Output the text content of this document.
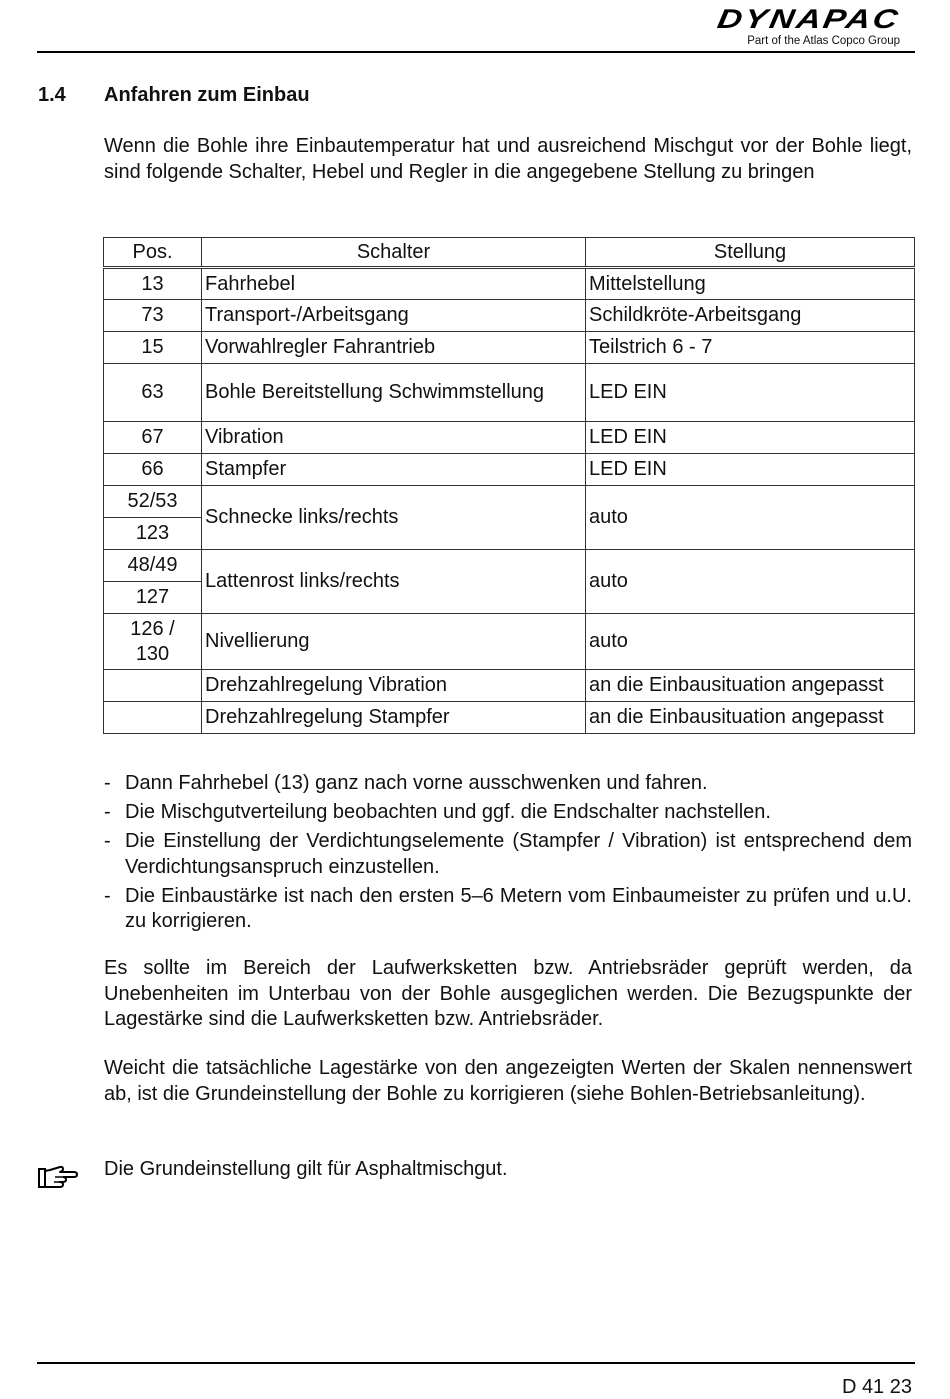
DYNAPAC
Part of the Atlas Copco Group
1.4 Anfahren zum Einbau
Wenn die Bohle ihre Einbautemperatur hat und ausreichend Mischgut vor der Bohle liegt, sind folgende Schalter, Hebel und Regler in die angegebene Stellung zu bringen
Pos.	Schalter	Stellung
13	Fahrhebel	Mittelstellung
73	Transport-/Arbeitsgang	Schildkröte-Arbeitsgang
15	Vorwahlregler Fahrantrieb	Teilstrich 6 - 7
63	Bohle Bereitstellung Schwimmstellung	LED EIN
67	Vibration	LED EIN
66	Stampfer	LED EIN
52/53	Schnecke links/rechts	auto
123		
48/49	Lattenrost links/rechts	auto
127		
126 / 130	Nivellierung	auto
	Drehzahlregelung Vibration	an die Einbausituation angepasst
	Drehzahlregelung Stampfer	an die Einbausituation angepasst
- Dann Fahrhebel (13) ganz nach vorne ausschwenken und fahren.
- Die Mischgutverteilung beobachten und ggf. die Endschalter nachstellen.
- Die Einstellung der Verdichtungselemente (Stampfer / Vibration) ist entsprechend dem Verdichtungsanspruch einzustellen.
- Die Einbaustärke ist nach den ersten 5–6 Metern vom Einbaumeister zu prüfen und u.U. zu korrigieren.
Es sollte im Bereich der Laufwerksketten bzw. Antriebsräder geprüft werden, da Unebenheiten im Unterbau von der Bohle ausgeglichen werden. Die Bezugspunkte der Lagestärke sind die Laufwerksketten bzw. Antriebsräder.
Weicht die tatsächliche Lagestärke von den angezeigten Werten der Skalen nennenswert ab, ist die Grundeinstellung der Bohle zu korrigieren (siehe Bohlen-Betriebsanleitung).
Die Grundeinstellung gilt für Asphaltmischgut.
D 41 23
